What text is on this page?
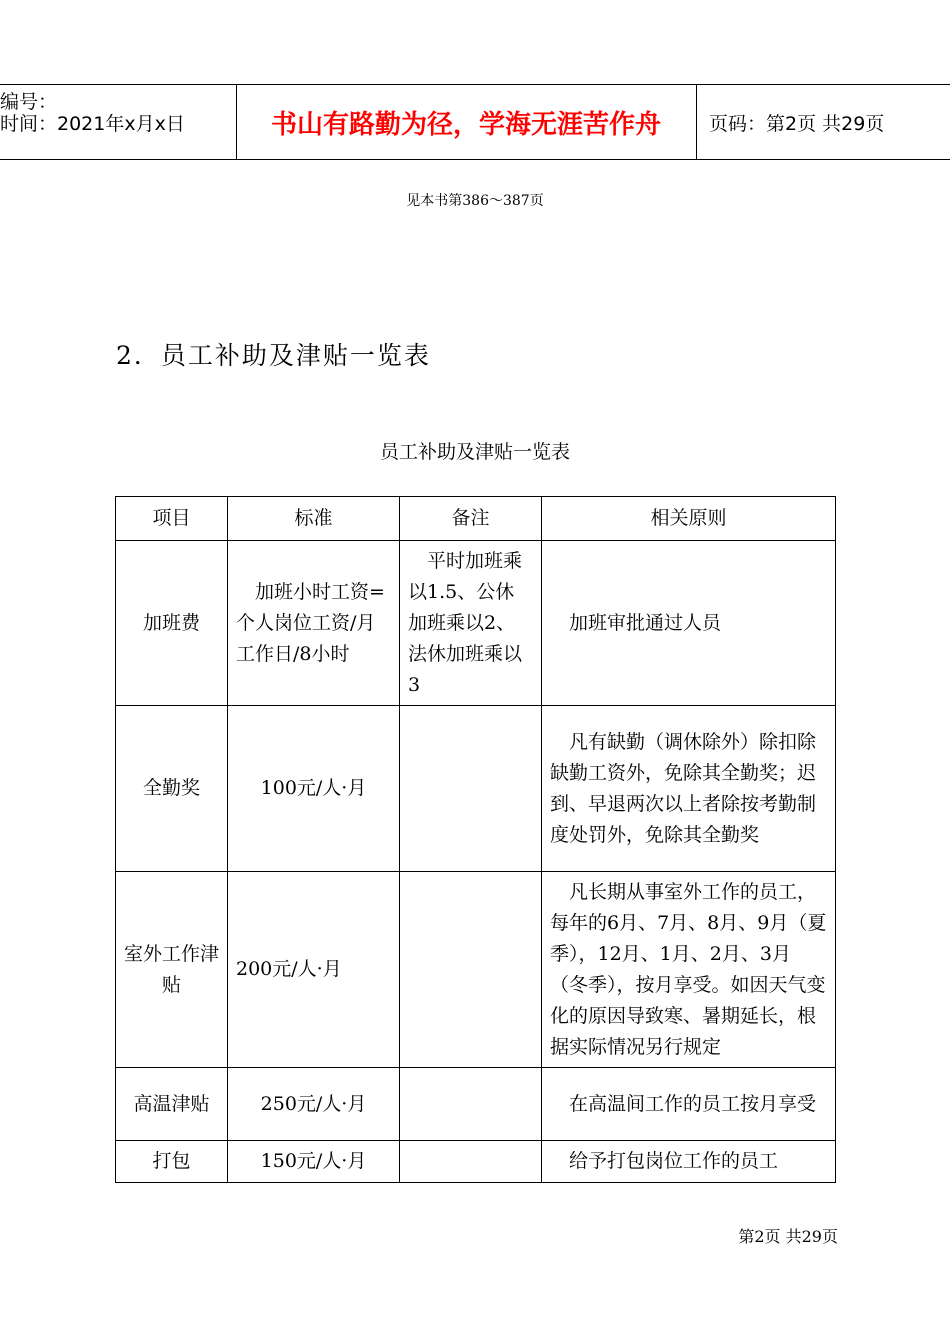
编号：
时间：2021年x月x日	书山有路勤为径，学海无涯苦作舟	页码：第2页 共29页
见本书第386～387页
2．员工补助及津贴一览表
员工补助及津贴一览表
项目	标准	备注	相关原则
加班费	　加班小时工资=个人岗位工资/月工作日/8小时	　平时加班乘以1.5、公休加班乘以2、法休加班乘以3	　加班审批通过人员
全勤奖	100元/人·月		　凡有缺勤（调休除外）除扣除缺勤工资外，免除其全勤奖；迟到、早退两次以上者除按考勤制度处罚外，免除其全勤奖
室外工作津贴	200元/人·月		　凡长期从事室外工作的员工，每年的6月、7月、8月、9月（夏季），12月、1月、2月、3月（冬季），按月享受。如因天气变化的原因导致寒、暑期延长，根据实际情况另行规定
高温津贴	250元/人·月		　在高温间工作的员工按月享受
打包	150元/人·月		　给予打包岗位工作的员工
第2页 共29页
